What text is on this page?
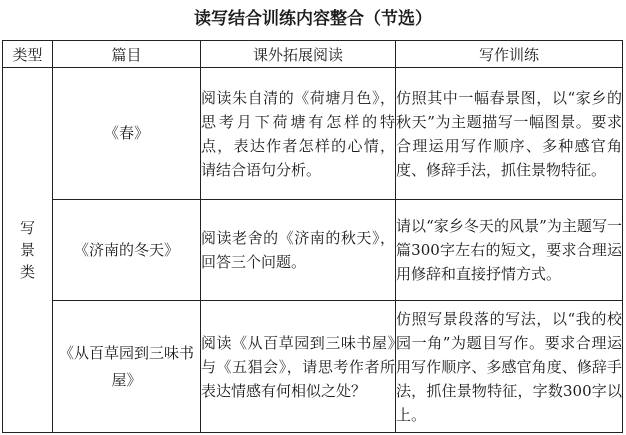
读写结合训练内容整合（节选）
类型	篇目	课外拓展阅读	写作训练

写景类	《春》	阅读朱自清的《荷塘月色》，思考月下荷塘有怎样的特点，表达作者怎样的心情，请结合语句分析。	仿照其中一幅春景图，以“家乡的秋天”为主题描写一幅图景。要求合理运用写作顺序、多种感官角度、修辞手法，抓住景物特征。
	《济南的冬天》	阅读老舍的《济南的秋天》，回答三个问题。	请以“家乡冬天的风景”为主题写一篇300字左右的短文，要求合理运用修辞和直接抒情方式。
	《从百草园到三味书屋》	阅读《从百草园到三味书屋》与《五猖会》，请思考作者所表达情感有何相似之处？	仿照写景段落的写法，以“我的校园一角”为题目写作。要求合理运用写作顺序、多感官角度、修辞手法，抓住景物特征，字数300字以上。
